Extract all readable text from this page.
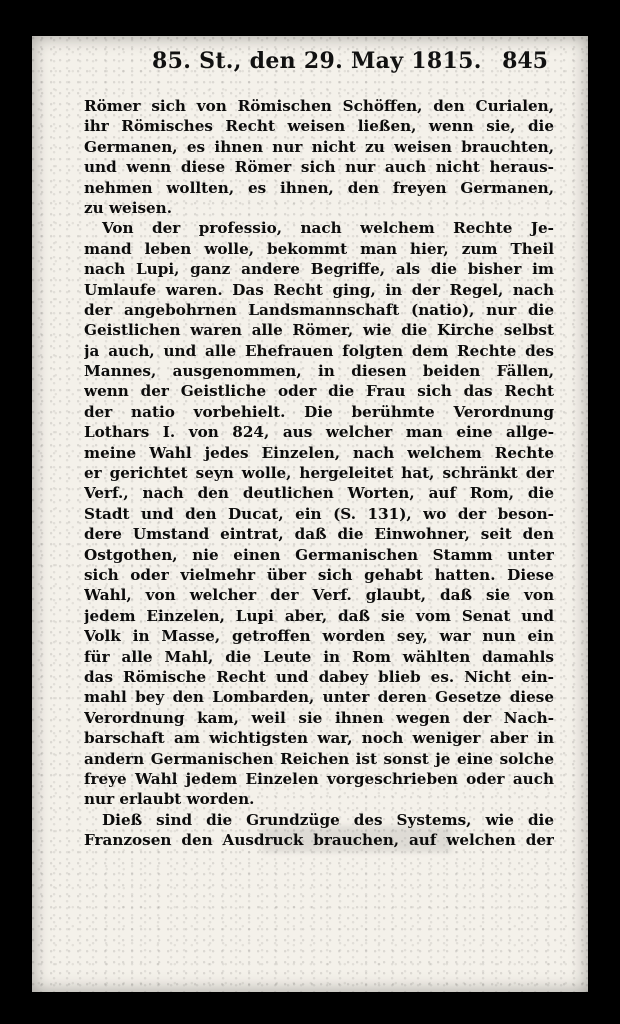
85. St., den 29. May 1815. 845
Römer sich von Römischen Schöffen, den Curialen,
ihr Römisches Recht weisen ließen, wenn sie, die
Germanen, es ihnen nur nicht zu weisen brauchten,
und wenn diese Römer sich nur auch nicht heraus-
nehmen wollten, es ihnen, den freyen Germanen,
zu weisen.
Von der professio, nach welchem Rechte Je-
mand leben wolle, bekommt man hier, zum Theil
nach Lupi, ganz andere Begriffe, als die bisher im
Umlaufe waren. Das Recht ging, in der Regel, nach
der angebohrnen Landsmannschaft (natio), nur die
Geistlichen waren alle Römer, wie die Kirche selbst
ja auch, und alle Ehefrauen folgten dem Rechte des
Mannes, ausgenommen, in diesen beiden Fällen,
wenn der Geistliche oder die Frau sich das Recht
der natio vorbehielt. Die berühmte Verordnung
Lothars I. von 824, aus welcher man eine allge-
meine Wahl jedes Einzelen, nach welchem Rechte
er gerichtet seyn wolle, hergeleitet hat, schränkt der
Verf., nach den deutlichen Worten, auf Rom, die
Stadt und den Ducat, ein (S. 131), wo der beson-
dere Umstand eintrat, daß die Einwohner, seit den
Ostgothen, nie einen Germanischen Stamm unter
sich oder vielmehr über sich gehabt hatten. Diese
Wahl, von welcher der Verf. glaubt, daß sie von
jedem Einzelen, Lupi aber, daß sie vom Senat und
Volk in Masse, getroffen worden sey, war nun ein
für alle Mahl, die Leute in Rom wählten damahls
das Römische Recht und dabey blieb es. Nicht ein-
mahl bey den Lombarden, unter deren Gesetze diese
Verordnung kam, weil sie ihnen wegen der Nach-
barschaft am wichtigsten war, noch weniger aber in
andern Germanischen Reichen ist sonst je eine solche
freye Wahl jedem Einzelen vorgeschrieben oder auch
nur erlaubt worden.
Dieß sind die Grundzüge des Systems, wie die
Franzosen den Ausdruck brauchen, auf welchen der
